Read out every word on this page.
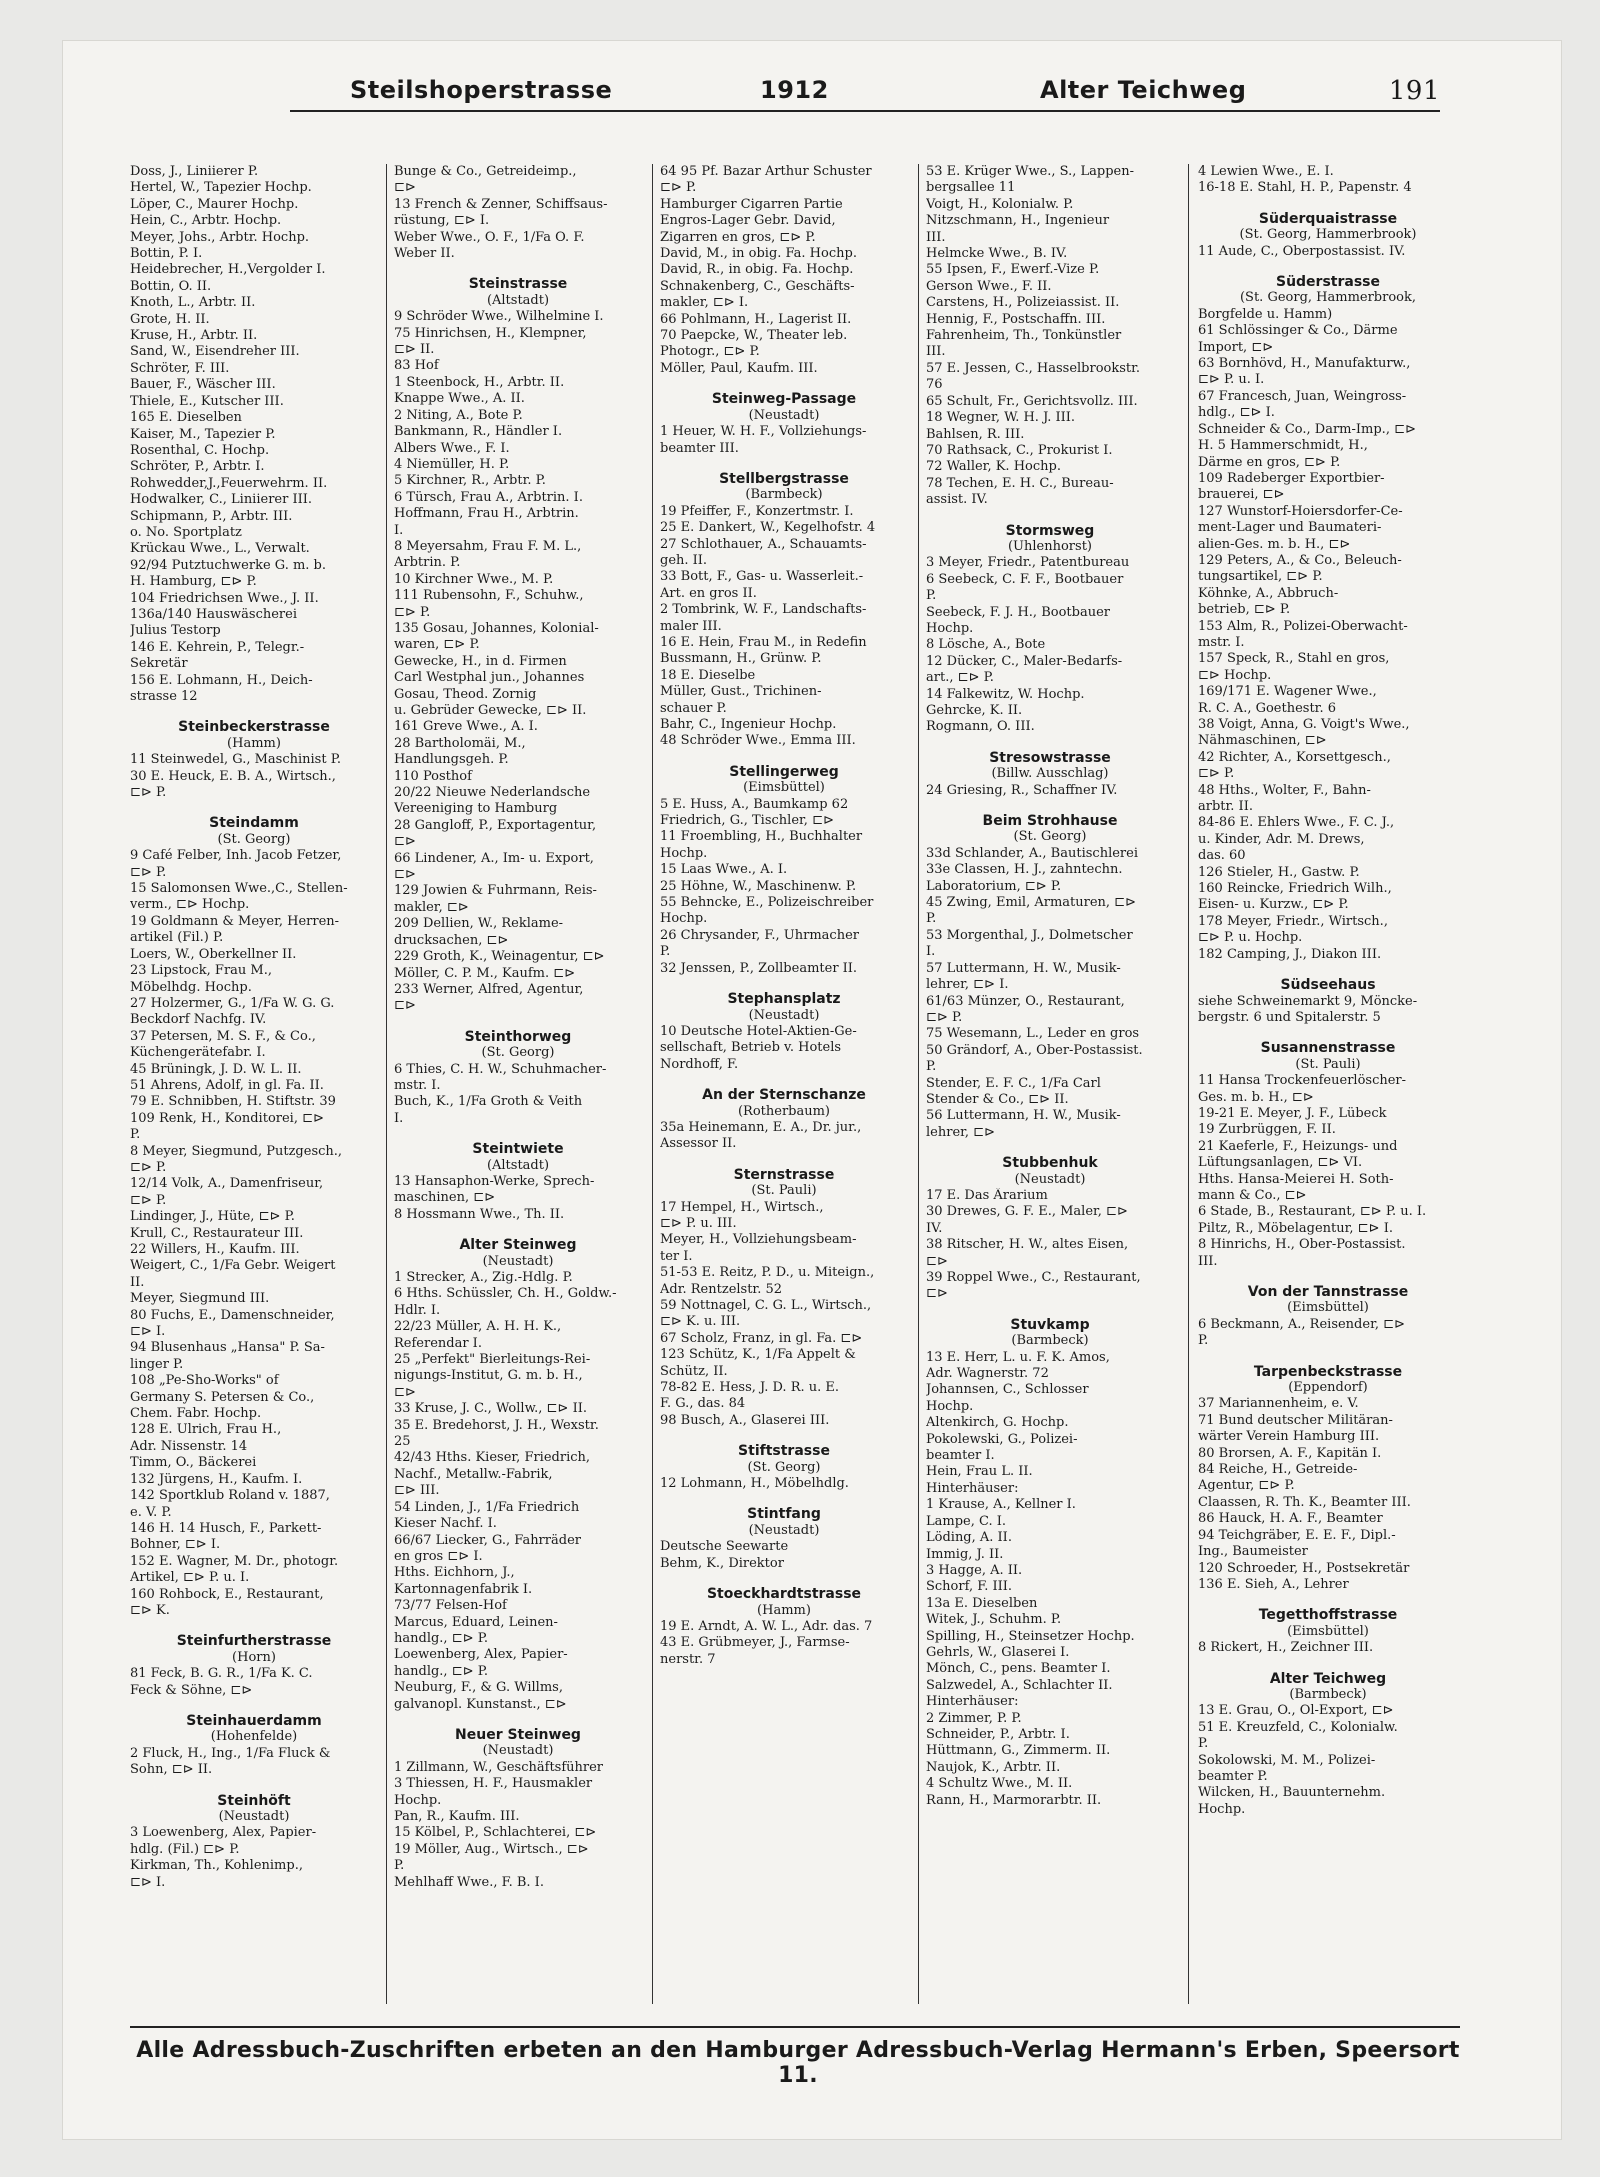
Steilshoperstrasse	1912	Alter Teichweg	191
Doss, J., Liniierer P.
Hertel, W., Tapezier Hochp.
Löper, C., Maurer Hochp.
Hein, C., Arbtr. Hochp.
Meyer, Johs., Arbtr. Hochp.
Bottin, P. I.
Heidebrecher, H.,Vergolder I.
Bottin, O. II.
Knoth, L., Arbtr. II.
Grote, H. II.
Kruse, H., Arbtr. II.
Sand, W., Eisendreher III.
Schröter, F. III.
Bauer, F., Wäscher III.
Thiele, E., Kutscher III.
165 E. Dieselben
Kaiser, M., Tapezier P.
Rosenthal, C. Hochp.
Schröter, P., Arbtr. I.
Rohwedder,J.,Feuerwehrm. II.
Hodwalker, C., Liniierer III.
Schipmann, P., Arbtr. III.
o. No. Sportplatz
Krückau Wwe., L., Verwalt.
92/94 Putztuchwerke G. m. b.
H. Hamburg, ⊏⊳ P.
104 Friedrichsen Wwe., J. II.
136a/140 Hauswäscherei
Julius Testorp
146 E. Kehrein, P., Telegr.-
Sekretär
156 E. Lohmann, H., Deich-
strasse 12
Steinbeckerstrasse
(Hamm)
11 Steinwedel, G., Maschinist P.
30 E. Heuck, E. B. A., Wirtsch.,
⊏⊳ P.
Steindamm
(St. Georg)
9 Café Felber, Inh. Jacob Fetzer,
⊏⊳ P.
15 Salomonsen Wwe.,C., Stellen-
verm., ⊏⊳ Hochp.
19 Goldmann & Meyer, Herren-
artikel (Fil.) P.
Loers, W., Oberkellner II.
23 Lipstock, Frau M.,
Möbelhdg. Hochp.
27 Holzermer, G., 1/Fa W. G. G.
Beckdorf Nachfg. IV.
37 Petersen, M. S. F., & Co.,
Küchengerätefabr. I.
45 Brüningk, J. D. W. L. II.
51 Ahrens, Adolf, in gl. Fa. II.
79 E. Schnibben, H. Stiftstr. 39
109 Renk, H., Konditorei, ⊏⊳
P.
8 Meyer, Siegmund, Putzgesch.,
⊏⊳ P.
12/14 Volk, A., Damenfriseur,
⊏⊳ P.
Lindinger, J., Hüte, ⊏⊳ P.
Krull, C., Restaurateur III.
22 Willers, H., Kaufm. III.
Weigert, C., 1/Fa Gebr. Weigert
II.
Meyer, Siegmund III.
80 Fuchs, E., Damenschneider,
⊏⊳ I.
94 Blusenhaus „Hansa" P. Sa-
linger P.
108 „Pe-Sho-Works" of
Germany S. Petersen & Co.,
Chem. Fabr. Hochp.
128 E. Ulrich, Frau H.,
Adr. Nissenstr. 14
Timm, O., Bäckerei
132 Jürgens, H., Kaufm. I.
142 Sportklub Roland v. 1887,
e. V. P.
146 H. 14 Husch, F., Parkett-
Bohner, ⊏⊳ I.
152 E. Wagner, M. Dr., photogr.
Artikel, ⊏⊳ P. u. I.
160 Rohbock, E., Restaurant,
⊏⊳ K.
Steinfurtherstrasse
(Horn)
81 Feck, B. G. R., 1/Fa K. C.
Feck & Söhne, ⊏⊳
Steinhauerdamm
(Hohenfelde)
2 Fluck, H., Ing., 1/Fa Fluck &
Sohn, ⊏⊳ II.
Steinhöft
(Neustadt)
3 Loewenberg, Alex, Papier-
hdlg. (Fil.) ⊏⊳ P.
Kirkman, Th., Kohlenimp.,
⊏⊳ I.
Bunge & Co., Getreideimp.,
⊏⊳
13 French & Zenner, Schiffsaus-
rüstung, ⊏⊳ I.
Weber Wwe., O. F., 1/Fa O. F.
Weber II.
Steinstrasse
(Altstadt)
9 Schröder Wwe., Wilhelmine I.
75 Hinrichsen, H., Klempner,
⊏⊳ II.
83 Hof
1 Steenbock, H., Arbtr. II.
Knappe Wwe., A. II.
2 Niting, A., Bote P.
Bankmann, R., Händler I.
Albers Wwe., F. I.
4 Niemüller, H. P.
5 Kirchner, R., Arbtr. P.
6 Türsch, Frau A., Arbtrin. I.
Hoffmann, Frau H., Arbtrin.
I.
8 Meyersahm, Frau F. M. L.,
Arbtrin. P.
10 Kirchner Wwe., M. P.
111 Rubensohn, F., Schuhw.,
⊏⊳ P.
135 Gosau, Johannes, Kolonial-
waren, ⊏⊳ P.
Gewecke, H., in d. Firmen
Carl Westphal jun., Johannes
Gosau, Theod. Zornig
u. Gebrüder Gewecke, ⊏⊳ II.
161 Greve Wwe., A. I.
28 Bartholomäi, M.,
Handlungsgeh. P.
110 Posthof
20/22 Nieuwe Nederlandsche
Vereeniging to Hamburg
28 Gangloff, P., Exportagentur,
⊏⊳
66 Lindener, A., Im- u. Export,
⊏⊳
129 Jowien & Fuhrmann, Reis-
makler, ⊏⊳
209 Dellien, W., Reklame-
drucksachen, ⊏⊳
229 Groth, K., Weinagentur, ⊏⊳
Möller, C. P. M., Kaufm. ⊏⊳
233 Werner, Alfred, Agentur,
⊏⊳
Steinthorweg
(St. Georg)
6 Thies, C. H. W., Schuhmacher-
mstr. I.
Buch, K., 1/Fa Groth & Veith
I.
Steintwiete
(Altstadt)
13 Hansaphon-Werke, Sprech-
maschinen, ⊏⊳
8 Hossmann Wwe., Th. II.
Alter Steinweg
(Neustadt)
1 Strecker, A., Zig.-Hdlg. P.
6 Hths. Schüssler, Ch. H., Goldw.-
Hdlr. I.
22/23 Müller, A. H. H. K.,
Referendar I.
25 „Perfekt" Bierleitungs-Rei-
nigungs-Institut, G. m. b. H.,
⊏⊳
33 Kruse, J. C., Wollw., ⊏⊳ II.
35 E. Bredehorst, J. H., Wexstr.
25
42/43 Hths. Kieser, Friedrich,
Nachf., Metallw.-Fabrik,
⊏⊳ III.
54 Linden, J., 1/Fa Friedrich
Kieser Nachf. I.
66/67 Liecker, G., Fahrräder
en gros ⊏⊳ I.
Hths. Eichhorn, J.,
Kartonnagenfabrik I.
73/77 Felsen-Hof
Marcus, Eduard, Leinen-
handlg., ⊏⊳ P.
Loewenberg, Alex, Papier-
handlg., ⊏⊳ P.
Neuburg, F., & G. Willms,
galvanopl. Kunstanst., ⊏⊳
Neuer Steinweg
(Neustadt)
1 Zillmann, W., Geschäftsführer
3 Thiessen, H. F., Hausmakler
Hochp.
Pan, R., Kaufm. III.
15 Kölbel, P., Schlachterei, ⊏⊳
19 Möller, Aug., Wirtsch., ⊏⊳
P.
Mehlhaff Wwe., F. B. I.
64 95 Pf. Bazar Arthur Schuster
⊏⊳ P.
Hamburger Cigarren Partie
Engros-Lager Gebr. David,
Zigarren en gros, ⊏⊳ P.
David, M., in obig. Fa. Hochp.
David, R., in obig. Fa. Hochp.
Schnakenberg, C., Geschäfts-
makler, ⊏⊳ I.
66 Pohlmann, H., Lagerist II.
70 Paepcke, W., Theater leb.
Photogr., ⊏⊳ P.
Möller, Paul, Kaufm. III.
Steinweg-Passage
(Neustadt)
1 Heuer, W. H. F., Vollziehungs-
beamter III.
Stellbergstrasse
(Barmbeck)
19 Pfeiffer, F., Konzertmstr. I.
25 E. Dankert, W., Kegelhofstr. 4
27 Schlothauer, A., Schauamts-
geh. II.
33 Bott, F., Gas- u. Wasserleit.-
Art. en gros II.
2 Tombrink, W. F., Landschafts-
maler III.
16 E. Hein, Frau M., in Redefin
Bussmann, H., Grünw. P.
18 E. Dieselbe
Müller, Gust., Trichinen-
schauer P.
Bahr, C., Ingenieur Hochp.
48 Schröder Wwe., Emma III.
Stellingerweg
(Eimsbüttel)
5 E. Huss, A., Baumkamp 62
Friedrich, G., Tischler, ⊏⊳
11 Froembling, H., Buchhalter
Hochp.
15 Laas Wwe., A. I.
25 Höhne, W., Maschinenw. P.
55 Behncke, E., Polizeischreiber
Hochp.
26 Chrysander, F., Uhrmacher
P.
32 Jenssen, P., Zollbeamter II.
Stephansplatz
(Neustadt)
10 Deutsche Hotel-Aktien-Ge-
sellschaft, Betrieb v. Hotels
Nordhoff, F.
An der Sternschanze
(Rotherbaum)
35a Heinemann, E. A., Dr. jur.,
Assessor II.
Sternstrasse
(St. Pauli)
17 Hempel, H., Wirtsch.,
⊏⊳ P. u. III.
Meyer, H., Vollziehungsbeam-
ter I.
51-53 E. Reitz, P. D., u. Miteign.,
Adr. Rentzelstr. 52
59 Nottnagel, C. G. L., Wirtsch.,
⊏⊳ K. u. III.
67 Scholz, Franz, in gl. Fa. ⊏⊳
123 Schütz, K., 1/Fa Appelt &
Schütz, II.
78-82 E. Hess, J. D. R. u. E.
F. G., das. 84
98 Busch, A., Glaserei III.
Stiftstrasse
(St. Georg)
12 Lohmann, H., Möbelhdlg.
Stintfang
(Neustadt)
Deutsche Seewarte
Behm, K., Direktor
Stoeckhardtstrasse
(Hamm)
19 E. Arndt, A. W. L., Adr. das. 7
43 E. Grübmeyer, J., Farmse-
nerstr. 7
53 E. Krüger Wwe., S., Lappen-
bergsallee 11
Voigt, H., Kolonialw. P.
Nitzschmann, H., Ingenieur
III.
Helmcke Wwe., B. IV.
55 Ipsen, F., Ewerf.-Vize P.
Gerson Wwe., F. II.
Carstens, H., Polizeiassist. II.
Hennig, F., Postschaffn. III.
Fahrenheim, Th., Tonkünstler
III.
57 E. Jessen, C., Hasselbrookstr.
76
65 Schult, Fr., Gerichtsvollz. III.
18 Wegner, W. H. J. III.
Bahlsen, R. III.
70 Rathsack, C., Prokurist I.
72 Waller, K. Hochp.
78 Techen, E. H. C., Bureau-
assist. IV.
Stormsweg
(Uhlenhorst)
3 Meyer, Friedr., Patentbureau
6 Seebeck, C. F. F., Bootbauer
P.
Seebeck, F. J. H., Bootbauer
Hochp.
8 Lösche, A., Bote
12 Dücker, C., Maler-Bedarfs-
art., ⊏⊳ P.
14 Falkewitz, W. Hochp.
Gehrcke, K. II.
Rogmann, O. III.
Stresowstrasse
(Billw. Ausschlag)
24 Griesing, R., Schaffner IV.
Beim Strohhause
(St. Georg)
33d Schlander, A., Bautischlerei
33e Classen, H. J., zahntechn.
Laboratorium, ⊏⊳ P.
45 Zwing, Emil, Armaturen, ⊏⊳
P.
53 Morgenthal, J., Dolmetscher
I.
57 Luttermann, H. W., Musik-
lehrer, ⊏⊳ I.
61/63 Münzer, O., Restaurant,
⊏⊳ P.
75 Wesemann, L., Leder en gros
50 Grändorf, A., Ober-Postassist.
P.
Stender, E. F. C., 1/Fa Carl
Stender & Co., ⊏⊳ II.
56 Luttermann, H. W., Musik-
lehrer, ⊏⊳
Stubbenhuk
(Neustadt)
17 E. Das Ärarium
30 Drewes, G. F. E., Maler, ⊏⊳
IV.
38 Ritscher, H. W., altes Eisen,
⊏⊳
39 Roppel Wwe., C., Restaurant,
⊏⊳
Stuvkamp
(Barmbeck)
13 E. Herr, L. u. F. K. Amos,
Adr. Wagnerstr. 72
Johannsen, C., Schlosser
Hochp.
Altenkirch, G. Hochp.
Pokolewski, G., Polizei-
beamter I.
Hein, Frau L. II.
Hinterhäuser:
1 Krause, A., Kellner I.
Lampe, C. I.
Löding, A. II.
Immig, J. II.
3 Hagge, A. II.
Schorf, F. III.
13a E. Dieselben
Witek, J., Schuhm. P.
Spilling, H., Steinsetzer Hochp.
Gehrls, W., Glaserei I.
Mönch, C., pens. Beamter I.
Salzwedel, A., Schlachter II.
Hinterhäuser:
2 Zimmer, P. P.
Schneider, P., Arbtr. I.
Hüttmann, G., Zimmerm. II.
Naujok, K., Arbtr. II.
4 Schultz Wwe., M. II.
Rann, H., Marmorarbtr. II.
4 Lewien Wwe., E. I.
16-18 E. Stahl, H. P., Papenstr. 4
Süderquaistrasse
(St. Georg, Hammerbrook)
11 Aude, C., Oberpostassist. IV.
Süderstrasse
(St. Georg, Hammerbrook,
Borgfelde u. Hamm)
61 Schlössinger & Co., Därme
Import, ⊏⊳
63 Bornhövd, H., Manufakturw.,
⊏⊳ P. u. I.
67 Francesch, Juan, Weingross-
hdlg., ⊏⊳ I.
Schneider & Co., Darm-Imp., ⊏⊳
H. 5 Hammerschmidt, H.,
Därme en gros, ⊏⊳ P.
109 Radeberger Exportbier-
brauerei, ⊏⊳
127 Wunstorf-Hoiersdorfer-Ce-
ment-Lager und Baumateri-
alien-Ges. m. b. H., ⊏⊳
129 Peters, A., & Co., Beleuch-
tungsartikel, ⊏⊳ P.
Köhnke, A., Abbruch-
betrieb, ⊏⊳ P.
153 Alm, R., Polizei-Oberwacht-
mstr. I.
157 Speck, R., Stahl en gros,
⊏⊳ Hochp.
169/171 E. Wagener Wwe.,
R. C. A., Goethestr. 6
38 Voigt, Anna, G. Voigt's Wwe.,
Nähmaschinen, ⊏⊳
42 Richter, A., Korsettgesch.,
⊏⊳ P.
48 Hths., Wolter, F., Bahn-
arbtr. II.
84-86 E. Ehlers Wwe., F. C. J.,
u. Kinder, Adr. M. Drews,
das. 60
126 Stieler, H., Gastw. P.
160 Reincke, Friedrich Wilh.,
Eisen- u. Kurzw., ⊏⊳ P.
178 Meyer, Friedr., Wirtsch.,
⊏⊳ P. u. Hochp.
182 Camping, J., Diakon III.
Südseehaus
siehe Schweinemarkt 9, Möncke-
bergstr. 6 und Spitalerstr. 5
Susannenstrasse
(St. Pauli)
11 Hansa Trockenfeuerlöscher-
Ges. m. b. H., ⊏⊳
19-21 E. Meyer, J. F., Lübeck
19 Zurbrüggen, F. II.
21 Kaeferle, F., Heizungs- und
Lüftungsanlagen, ⊏⊳ VI.
Hths. Hansa-Meierei H. Soth-
mann & Co., ⊏⊳
6 Stade, B., Restaurant, ⊏⊳ P. u. I.
Piltz, R., Möbelagentur, ⊏⊳ I.
8 Hinrichs, H., Ober-Postassist.
III.
Von der Tannstrasse
(Eimsbüttel)
6 Beckmann, A., Reisender, ⊏⊳
P.
Tarpenbeckstrasse
(Eppendorf)
37 Mariannenheim, e. V.
71 Bund deutscher Militäran-
wärter Verein Hamburg III.
80 Brorsen, A. F., Kapitän I.
84 Reiche, H., Getreide-
Agentur, ⊏⊳ P.
Claassen, R. Th. K., Beamter III.
86 Hauck, H. A. F., Beamter
94 Teichgräber, E. E. F., Dipl.-
Ing., Baumeister
120 Schroeder, H., Postsekretär
136 E. Sieh, A., Lehrer
Tegetthoffstrasse
(Eimsbüttel)
8 Rickert, H., Zeichner III.
Alter Teichweg
(Barmbeck)
13 E. Grau, O., Öl-Export, ⊏⊳
51 E. Kreuzfeld, C., Kolonialw.
P.
Sokolowski, M. M., Polizei-
beamter P.
Wilcken, H., Bauunternehm.
Hochp.
Alle Adressbuch-Zuschriften erbeten an den Hamburger Adressbuch-Verlag Hermann's Erben, Speersort 11.
